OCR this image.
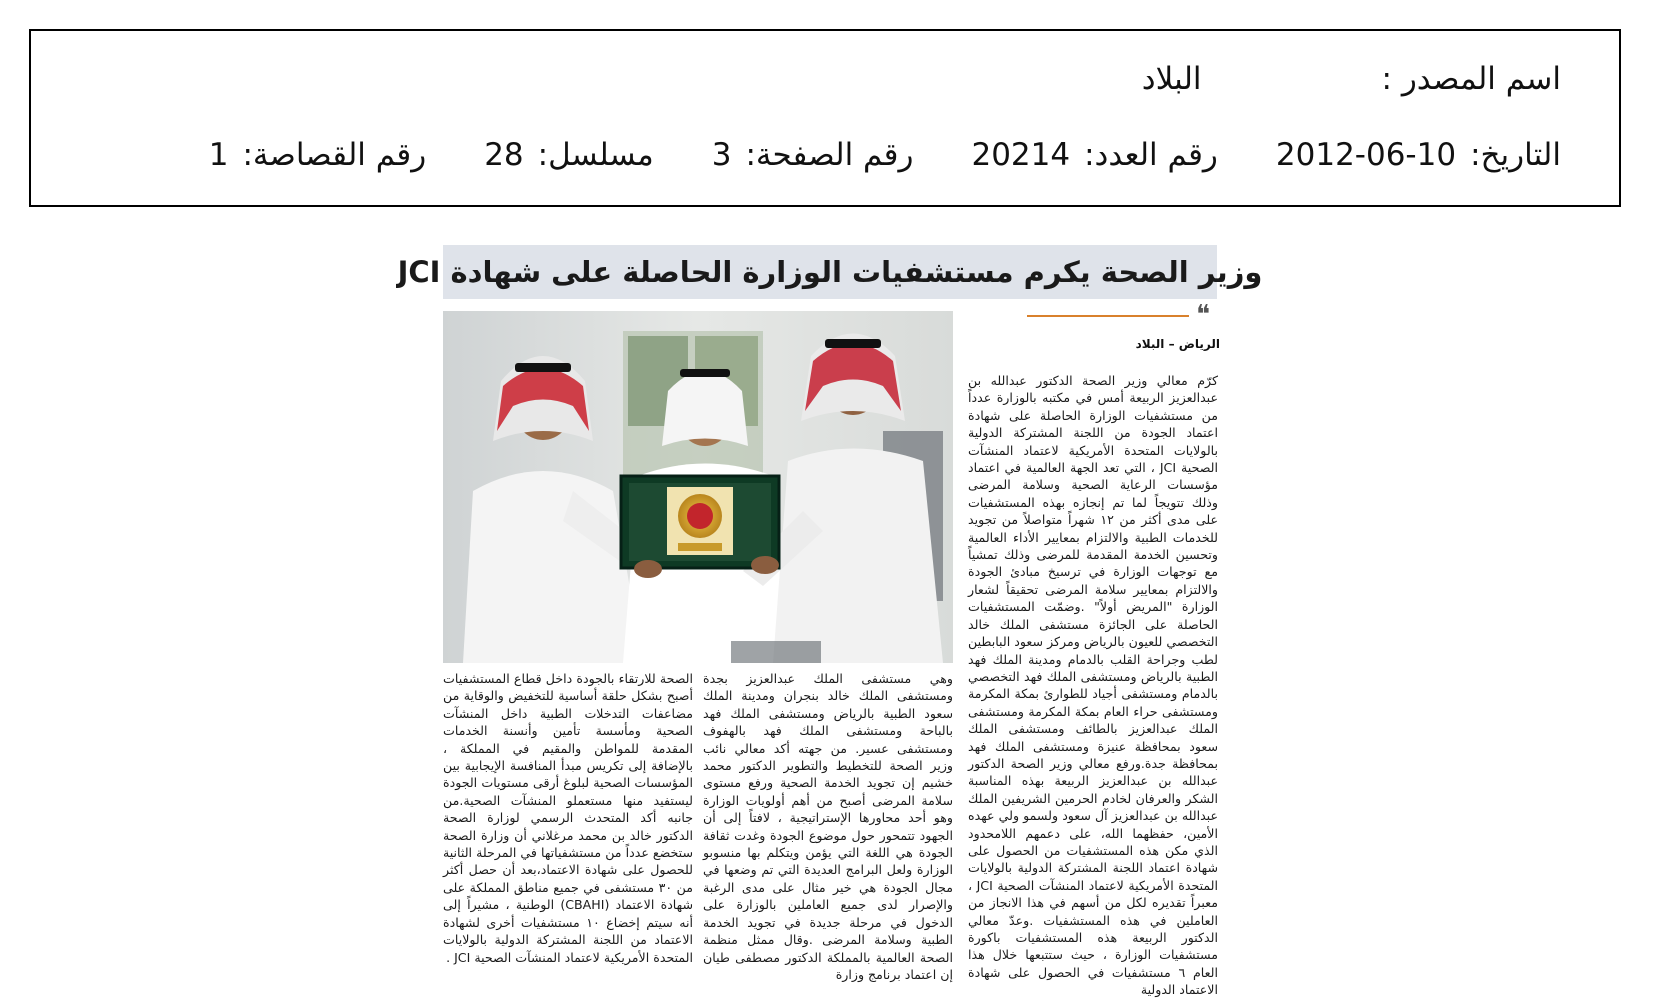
اسم المصدر :
البلاد
التاريخ:
2012-06-10
رقم العدد:
20214
رقم الصفحة:
3
مسلسل:
28
رقم القصاصة:
1
وزير الصحة يكرم مستشفيات الوزارة الحاصلة على شهادة JCI
❝
الرياض – البلاد
كرّم معالي وزير الصحة الدكتور عبدالله بن عبدالعزيز الربيعة أمس في مكتبه بالوزارة عدداً من مستشفيات الوزارة الحاصلة على شهادة اعتماد الجودة من اللجنة المشتركة الدولية بالولايات المتحدة الأمريكية لاعتماد المنشآت الصحية JCI ، التي تعد الجهة العالمية في اعتماد مؤسسات الرعاية الصحية وسلامة المرضى وذلك تتويجاً لما تم إنجازه بهذه المستشفيات على مدى أكثر من ١٢ شهراً متواصلاً من تجويد للخدمات الطبية والالتزام بمعايير الأداء العالمية وتحسين الخدمة المقدمة للمرضى وذلك تمشياً مع توجهات الوزارة في ترسيخ مبادئ الجودة والالتزام بمعايير سلامة المرضى تحقيقاً لشعار الوزارة "المريض أولاً" .وضمّت المستشفيات الحاصلة على الجائزة مستشفى الملك خالد التخصصي للعيون بالرياض ومركز سعود البابطين لطب وجراحة القلب بالدمام ومدينة الملك فهد الطبية بالرياض ومستشفى الملك فهد التخصصي بالدمام ومستشفى أجياد للطوارئ بمكة المكرمة ومستشفى حراء العام بمكة المكرمة ومستشفى الملك عبدالعزيز بالطائف ومستشفى الملك سعود بمحافظة عنيزة ومستشفى الملك فهد بمحافظة جدة.ورفع معالي وزير الصحة الدكتور عبدالله بن عبدالعزيز الربيعة بهذه المناسبة الشكر والعرفان لخادم الحرمين الشريفين الملك عبدالله بن عبدالعزيز آل سعود ولسمو ولي عهده الأمين، حفظهما الله، على دعمهم اللامحدود الذي مكن هذه المستشفيات من الحصول على شهادة اعتماد اللجنة المشتركة الدولية بالولايات المتحدة الأمريكية لاعتماد المنشآت الصحية JCI ، معبراً تقديره لكل من أسهم في هذا الانجاز من العاملين في هذه المستشفيات .وعدّ معالي الدكتور الربيعة هذه المستشفيات باكورة مستشفيات الوزارة ، حيث ستتبعها خلال هذا العام ٦ مستشفيات في الحصول على شهادة الاعتماد الدولية
وهي مستشفى الملك عبدالعزيز بجدة ومستشفى الملك خالد بنجران ومدينة الملك سعود الطبية بالرياض ومستشفى الملك فهد بالباحة ومستشفى الملك فهد بالهفوف ومستشفى عسير. من جهته أكد معالي نائب وزير الصحة للتخطيط والتطوير الدكتور محمد خشيم إن تجويد الخدمة الصحية ورفع مستوى سلامة المرضى أصبح من أهم أولويات الوزارة وهو أحد محاورها الإستراتيجية ، لافتاً إلى أن الجهود تتمحور حول موضوع الجودة وغدت ثقافة الجودة هي اللغة التي يؤمن ويتكلم بها منسوبو الوزارة ولعل البرامج العديدة التي تم وضعها في مجال الجودة هي خير مثال على مدى الرغبة والإصرار لدى جميع العاملين بالوزارة على الدخول في مرحلة جديدة في تجويد الخدمة الطبية وسلامة المرضى .وقال ممثل منظمة الصحة العالمية بالمملكة الدكتور مصطفى طيان إن اعتماد برنامج وزارة
الصحة للارتقاء بالجودة داخل قطاع المستشفيات أصبح بشكل حلقة أساسية للتخفيض والوقاية من مضاعفات التدخلات الطبية داخل المنشآت الصحية ومأسسة تأمين وأنسنة الخدمات المقدمة للمواطن والمقيم في المملكة ، بالإضافة إلى تكريس مبدأ المنافسة الإيجابية بين المؤسسات الصحية لبلوغ أرقى مستويات الجودة ليستفيد منها مستعملو المنشآت الصحية.من جانبه أكد المتحدث الرسمي لوزارة الصحة الدكتور خالد بن محمد مرغلاني أن وزارة الصحة ستخضع عدداً من مستشفياتها في المرحلة الثانية للحصول على شهادة الاعتماد،بعد أن حصل أكثر من ٣٠ مستشفى في جميع مناطق المملكة على شهادة الاعتماد (CBAHI) الوطنية ، مشيراً إلى أنه سيتم إخضاع ١٠ مستشفيات أخرى لشهادة الاعتماد من اللجنة المشتركة الدولية بالولايات المتحدة الأمريكية لاعتماد المنشآت الصحية JCI .
